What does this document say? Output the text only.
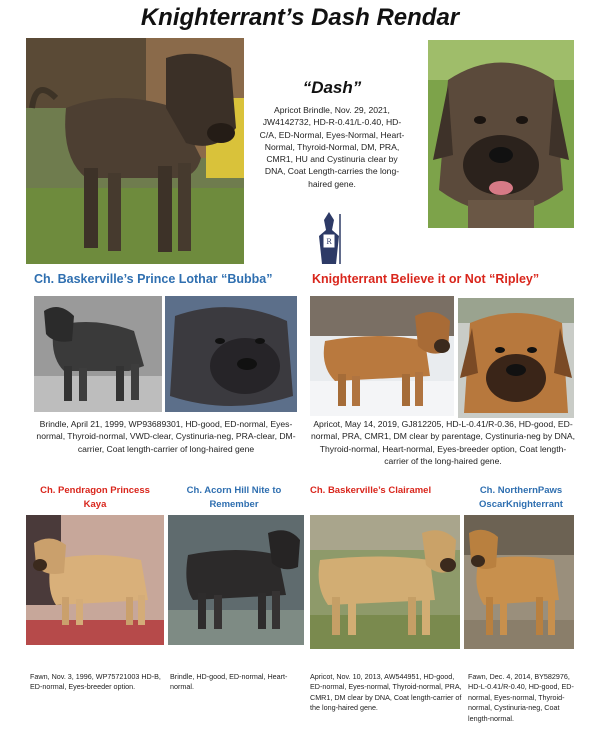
Knighterrant’s Dash Rendar
“Dash”
Apricot Brindle, Nov. 29, 2021, JW4142732, HD-R-0.41/L-0.40, HD-C/A, ED-Normal, Eyes-Normal, Heart-Normal, Thyroid-Normal, DM, PRA, CMR1, HU and Cystinuria clear by DNA, Coat Length-carries the long-haired gene.
R
Ch. Baskerville’s Prince Lothar “Bubba”	Knighterrant Believe it or Not “Ripley”
Brindle, April 21, 1999, WP93689301, HD-good, ED-normal, Eyes-normal, Thyroid-normal, VWD-clear, Cystinuria-neg, PRA-clear, DM-carrier, Coat length-carrier of long-haired gene
Apricot, May 14, 2019, GJ812205, HD-L-0.41/R-0.36, HD-good, ED-normal, PRA, CMR1, DM clear by parentage, Cystinuria-neg by DNA, Thyroid-normal, Heart-normal, Eyes-breeder option, Coat length-carrier of the long-haired gene.
Ch. Pendragon Princess Kaya
Ch. Acorn Hill Nite to Remember
Ch. Baskerville’s Clairamel	Ch. NorthernPaws OscarKnighterrant
Fawn, Nov. 3, 1996, WP75721003 HD-B, ED-normal, Eyes-breeder option.
Brindle, HD-good, ED-normal, Heart-normal.
Apricot, Nov. 10, 2013, AW544951, HD-good, ED-normal, Eyes-normal, Thyroid-normal, PRA, CMR1, DM clear by DNA, Coat length-carrier of the long-haired gene.
Fawn, Dec. 4, 2014, BY582976, HD-L-0.41/R-0.40, HD-good, ED-normal, Eyes-normal, Thyroid-normal, Cystinuria-neg, Coat length-normal.
